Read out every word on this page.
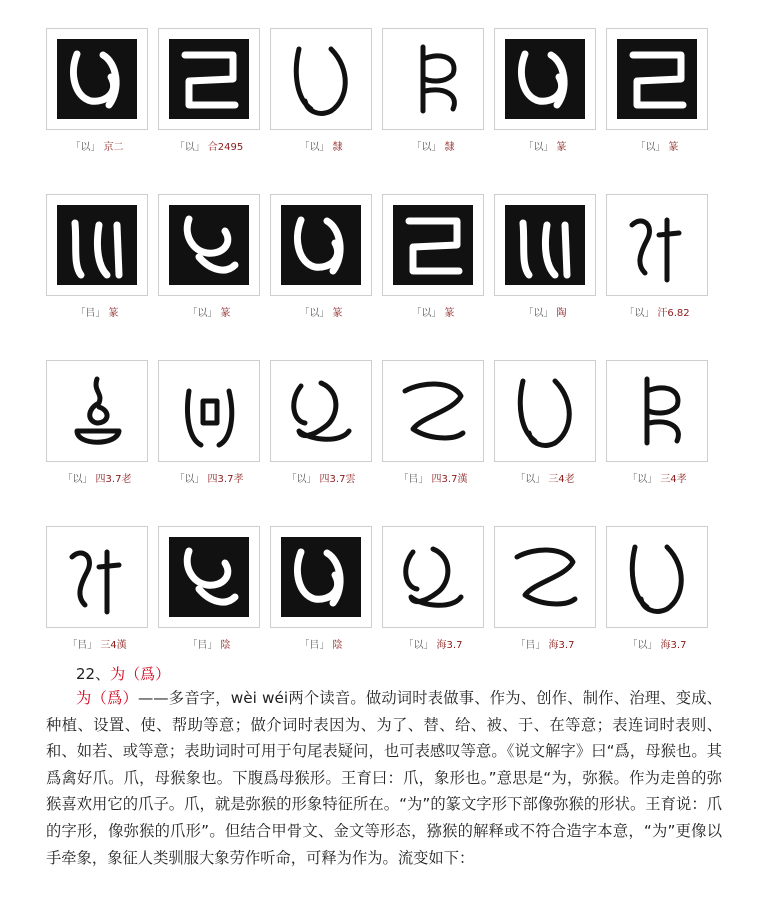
「以」 京二	「以」 合2495	「以」 隸	「以」 隸	「以」 篆	「以」 篆
「㠯」 篆	「以」 篆	「以」 篆	「以」 篆	「以」 陶	「以」 汗6.82
「以」 四3.7老	「以」 四3.7孝	「以」 四3.7雲	「㠯」 四3.7漢	「以」 三4老	「以」 三4孝
「㠯」 三4漢	「㠯」 陰	「㠯」 陰	「以」 海3.7	「㠯」 海3.7	「以」 海3.7
22、为（爲）
为（爲）——多音字，wèi wéi两个读音。做动词时表做事、作为、创作、制作、治理、变成、种植、设置、使、帮助等意；做介词时表因为、为了、替、给、被、于、在等意；表连词时表则、和、如若、或等意；表助词时可用于句尾表疑问，也可表感叹等意。《说文解字》曰“爲，母猴也。其爲禽好爪。爪，母猴象也。下腹爲母猴形。王育曰：爪，象形也。”意思是“为，弥猴。作为走兽的弥猴喜欢用它的爪子。爪，就是弥猴的形象特征所在。“为”的篆文字形下部像弥猴的形状。王育说：爪的字形，像弥猴的爪形”。但结合甲骨文、金文等形态，猕猴的解释或不符合造字本意，“为”更像以手牵象，象征人类驯服大象劳作听命，可释为作为。流变如下：
